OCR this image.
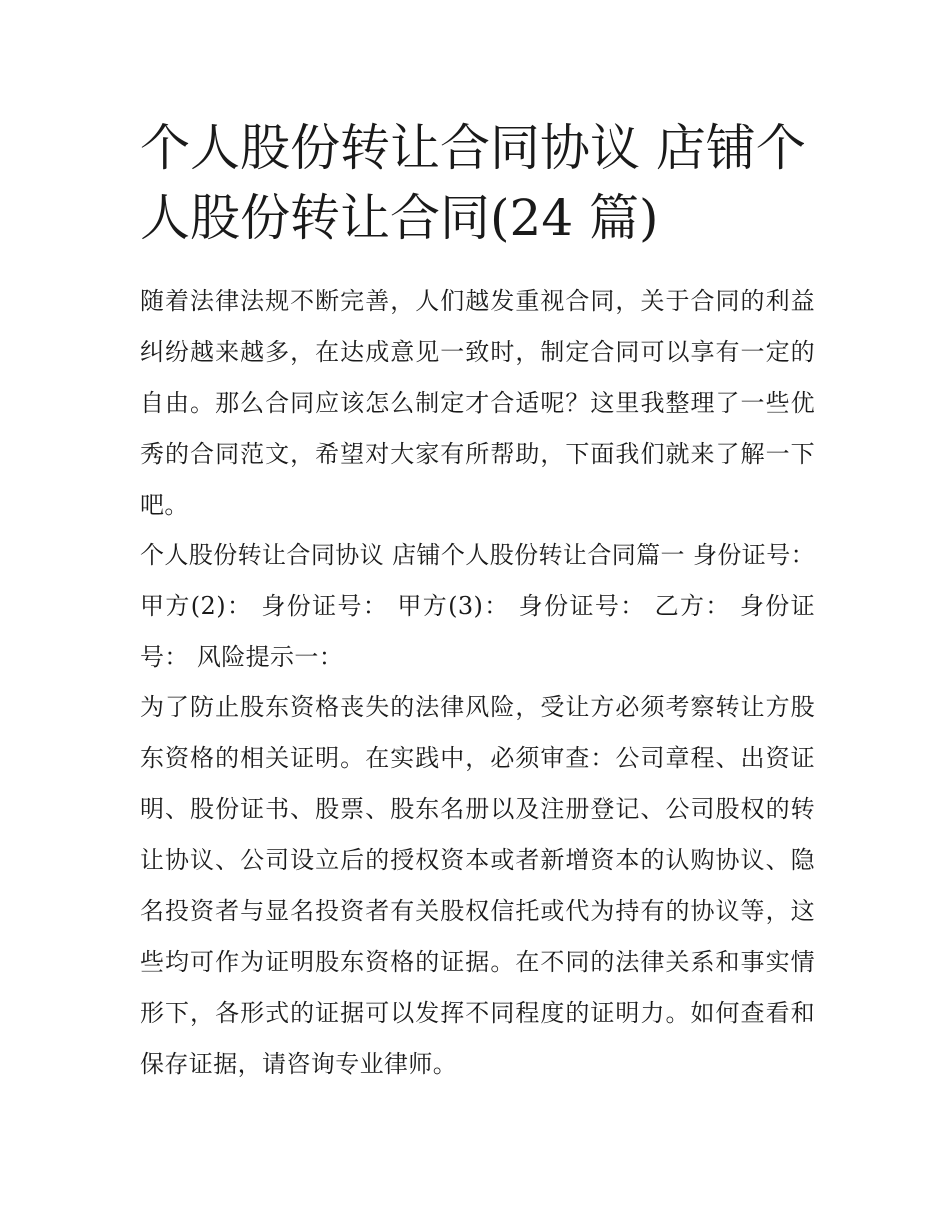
个人股份转让合同协议 店铺个人股份转让合同(24 篇)

随着法律法规不断完善，人们越发重视合同，关于合同的利益纠纷越来越多，在达成意见一致时，制定合同可以享有一定的自由。那么合同应该怎么制定才合适呢？这里我整理了一些优秀的合同范文，希望对大家有所帮助，下面我们就来了解一下吧。

个人股份转让合同协议 店铺个人股份转让合同篇一 身份证号： 甲方(2)： 身份证号： 甲方(3)： 身份证号： 乙方： 身份证号： 风险提示一：

为了防止股东资格丧失的法律风险，受让方必须考察转让方股东资格的相关证明。在实践中，必须审查：公司章程、出资证明、股份证书、股票、股东名册以及注册登记、公司股权的转让协议、公司设立后的授权资本或者新增资本的认购协议、隐名投资者与显名投资者有关股权信托或代为持有的协议等，这些均可作为证明股东资格的证据。在不同的法律关系和事实情形下，各形式的证据可以发挥不同程度的证明力。如何查看和保存证据，请咨询专业律师。
